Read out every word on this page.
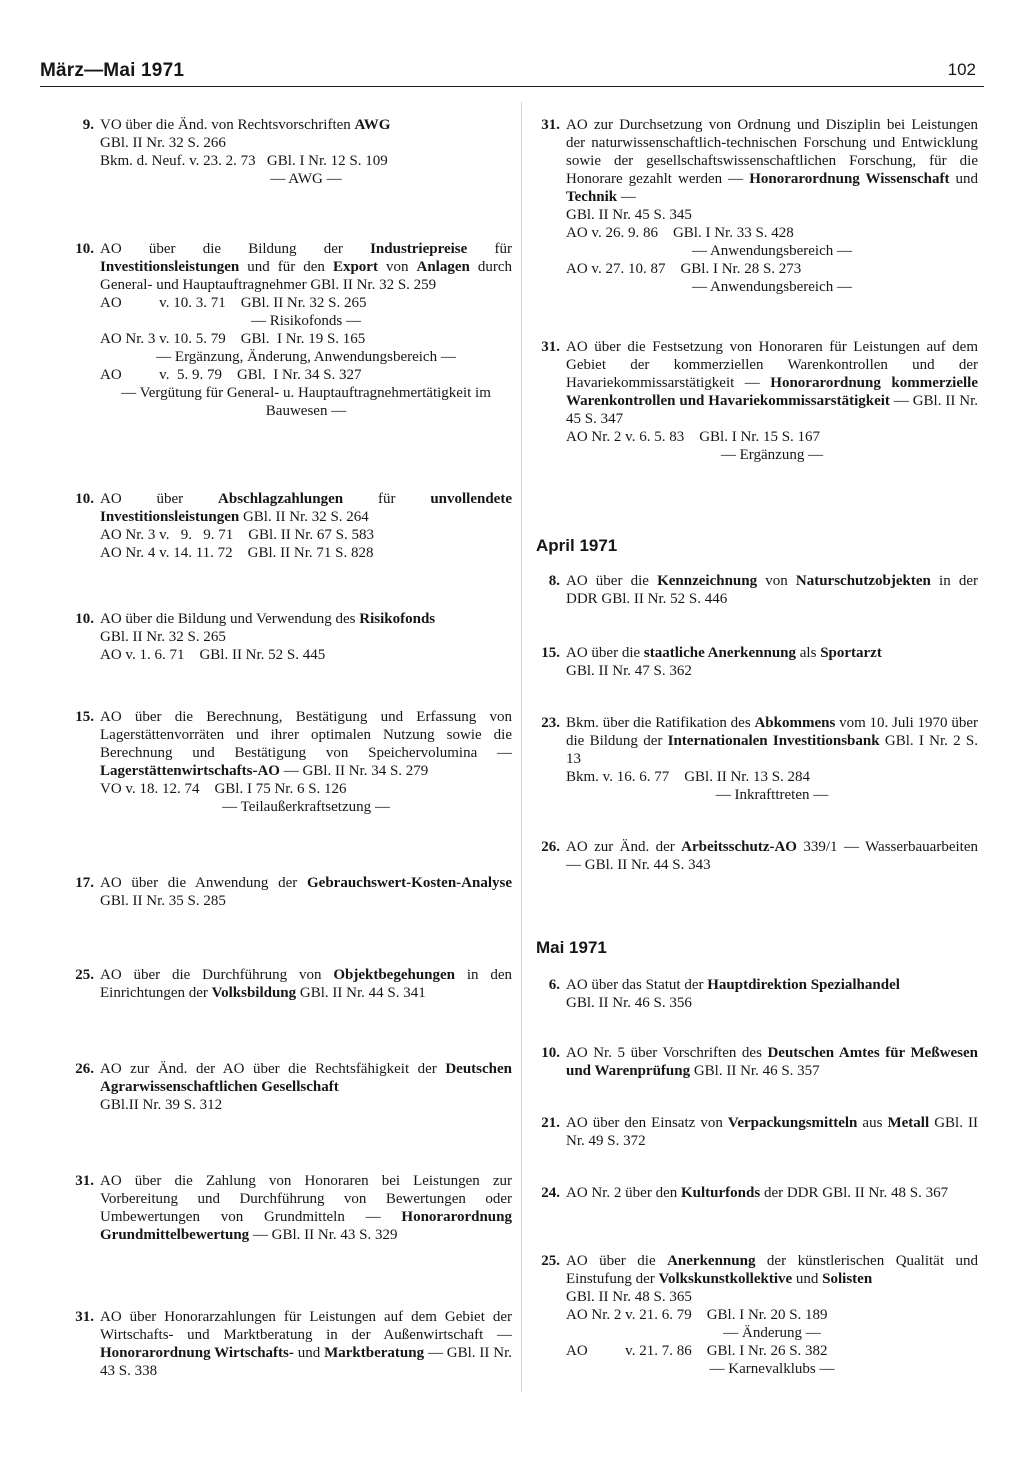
März—Mai 1971	102
9. VO über die Änd. von Rechtsvorschriften AWG
GBl. II Nr. 32 S. 266
Bkm. d. Neuf. v. 23. 2. 73   GBl. I Nr. 12 S. 109
— AWG —
10. AO über die Bildung der Industriepreise für Investitionsleistungen und für den Export von Anlagen durch General- und Hauptauftragnehmer GBl. II Nr. 32 S. 259
AO          v. 10. 3. 71    GBl. II Nr. 32 S. 265
— Risikofonds —
AO Nr. 3 v. 10. 5. 79    GBl.  I Nr. 19 S. 165
— Ergänzung, Änderung, Anwendungsbereich —
AO          v.  5. 9. 79    GBl.  I Nr. 34 S. 327
— Vergütung für General- u. Hauptauftragnehmertätigkeit im Bauwesen —
10. AO über Abschlagzahlungen für unvollendete Investitionsleistungen GBl. II Nr. 32 S. 264
AO Nr. 3 v.   9.   9. 71    GBl. II Nr. 67 S. 583
AO Nr. 4 v. 14. 11. 72    GBl. II Nr. 71 S. 828
10. AO über die Bildung und Verwendung des Risikofonds
GBl. II Nr. 32 S. 265
AO v. 1. 6. 71    GBl. II Nr. 52 S. 445
15. AO über die Berechnung, Bestätigung und Erfassung von Lagerstättenvorräten und ihrer optimalen Nutzung sowie die Berechnung und Bestätigung von Speichervolumina — Lagerstättenwirtschafts-AO — GBl. II Nr. 34 S. 279
VO v. 18. 12. 74    GBl. I 75 Nr. 6 S. 126
— Teilaußerkraftsetzung —
17. AO über die Anwendung der Gebrauchswert-Kosten-Analyse GBl. II Nr. 35 S. 285
25. AO über die Durchführung von Objektbegehungen in den Einrichtungen der Volksbildung GBl. II Nr. 44 S. 341
26. AO zur Änd. der AO über die Rechtsfähigkeit der Deutschen Agrarwissenschaftlichen Gesellschaft
GBl.II Nr. 39 S. 312
31. AO über die Zahlung von Honoraren bei Leistungen zur Vorbereitung und Durchführung von Bewertungen oder Umbewertungen von Grundmitteln — Honorarordnung Grundmittelbewertung — GBl. II Nr. 43 S. 329
31. AO über Honorarzahlungen für Leistungen auf dem Gebiet der Wirtschafts- und Marktberatung in der Außenwirtschaft — Honorarordnung Wirtschafts- und Marktberatung — GBl. II Nr. 43 S. 338
31. AO zur Durchsetzung von Ordnung und Disziplin bei Leistungen der naturwissenschaftlich-technischen Forschung und Entwicklung sowie der gesellschaftswissenschaftlichen Forschung, für die Honorare gezahlt werden — Honorarordnung Wissenschaft und Technik —
GBl. II Nr. 45 S. 345
AO v. 26. 9. 86    GBl. I Nr. 33 S. 428
— Anwendungsbereich —
AO v. 27. 10. 87    GBl. I Nr. 28 S. 273
— Anwendungsbereich —
31. AO über die Festsetzung von Honoraren für Leistungen auf dem Gebiet der kommerziellen Warenkontrollen und der Havariekommissarstätigkeit — Honorarordnung kommerzielle Warenkontrollen und Havariekommissarstätigkeit — GBl. II Nr. 45 S. 347
AO Nr. 2 v. 6. 5. 83    GBl. I Nr. 15 S. 167
— Ergänzung —
8. AO über die Kennzeichnung von Naturschutzobjekten in der DDR GBl. II Nr. 52 S. 446
15. AO über die staatliche Anerkennung als Sportarzt
GBl. II Nr. 47 S. 362
23. Bkm. über die Ratifikation des Abkommens vom 10. Juli 1970 über die Bildung der Internationalen Investitionsbank GBl. I Nr. 2 S. 13
Bkm. v. 16. 6. 77    GBl. II Nr. 13 S. 284
— Inkrafttreten —
26. AO zur Änd. der Arbeitsschutz-AO 339/1 — Wasserbauarbeiten — GBl. II Nr. 44 S. 343
6. AO über das Statut der Hauptdirektion Spezialhandel
GBl. II Nr. 46 S. 356
10. AO Nr. 5 über Vorschriften des Deutschen Amtes für Meßwesen und Warenprüfung GBl. II Nr. 46 S. 357
21. AO über den Einsatz von Verpackungsmitteln aus Metall GBl. II Nr. 49 S. 372
24. AO Nr. 2 über den Kulturfonds der DDR GBl. II Nr. 48 S. 367
25. AO über die Anerkennung der künstlerischen Qualität und Einstufung der Volkskunstkollektive und Solisten
GBl. II Nr. 48 S. 365
AO Nr. 2 v. 21. 6. 79    GBl. I Nr. 20 S. 189
— Änderung —
AO          v. 21. 7. 86    GBl. I Nr. 26 S. 382
— Karnevalklubs —
April 1971
Mai 1971
